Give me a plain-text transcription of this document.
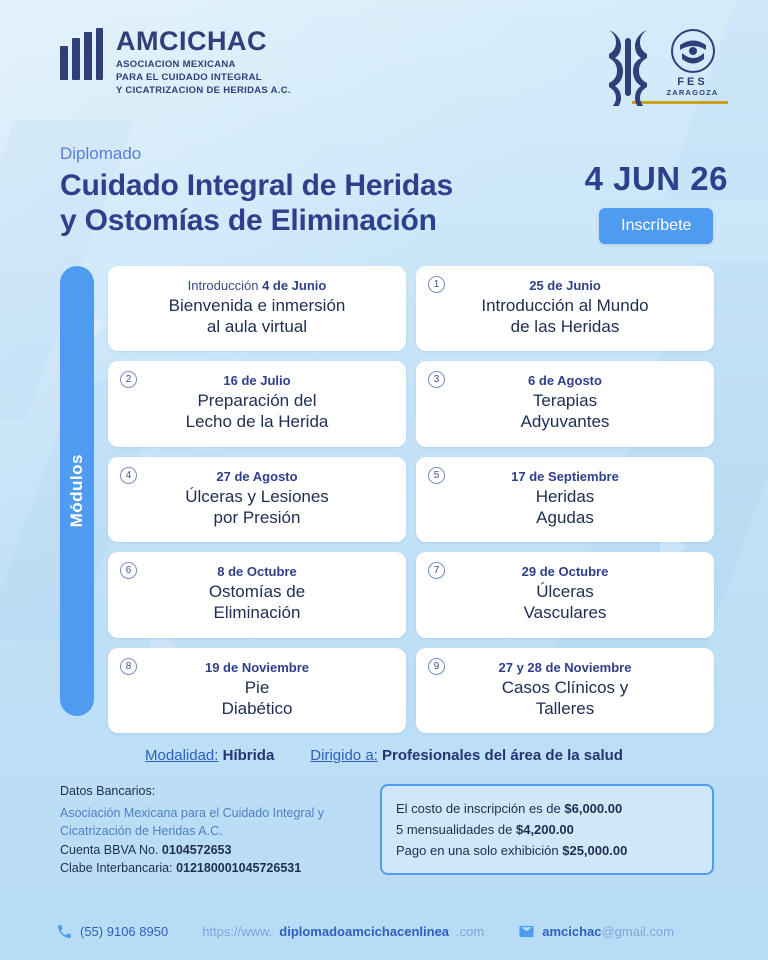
AMCICHAC
ASOCIACION MEXICANA
PARA EL CUIDADO INTEGRAL
Y CICATRIZACION DE HERIDAS A.C.
FES
ZARAGOZA
Diplomado
Cuidado Integral de Heridas
y Ostomías de Eliminación
4 JUN 26
Inscríbete
Módulos
Introducción 4 de Junio
Bienvenida e inmersión
al aula virtual
1	25 de Junio
Introducción al Mundo
de las Heridas
2	16 de Julio
Preparación del
Lecho de la Herida
3	6 de Agosto
Terapias
Adyuvantes
4	27 de Agosto
Úlceras y Lesiones
por Presión
5	17 de Septiembre
Heridas
Agudas
6	8 de Octubre
Ostomías de
Eliminación
7	29 de Octubre
Úlceras
Vasculares
8	19 de Noviembre
Pie
Diabético
9	27 y 28 de Noviembre
Casos Clínicos y
Talleres
Modalidad: Híbrida Dirigido a: Profesionales del área de la salud
Datos Bancarios:
Asociación Mexicana para el Cuidado Integral y
Cicatrización de Heridas A.C.
Cuenta BBVA No. 0104572653
Clabe Interbancaria: 012180001045726531
El costo de inscripción es de $6,000.00
5 mensualidades de $4,200.00
Pago en una solo exhibición $25,000.00
(55) 9106 8950	https://www. diplomadoamcichacenlinea .com	amcichac@gmail.com
